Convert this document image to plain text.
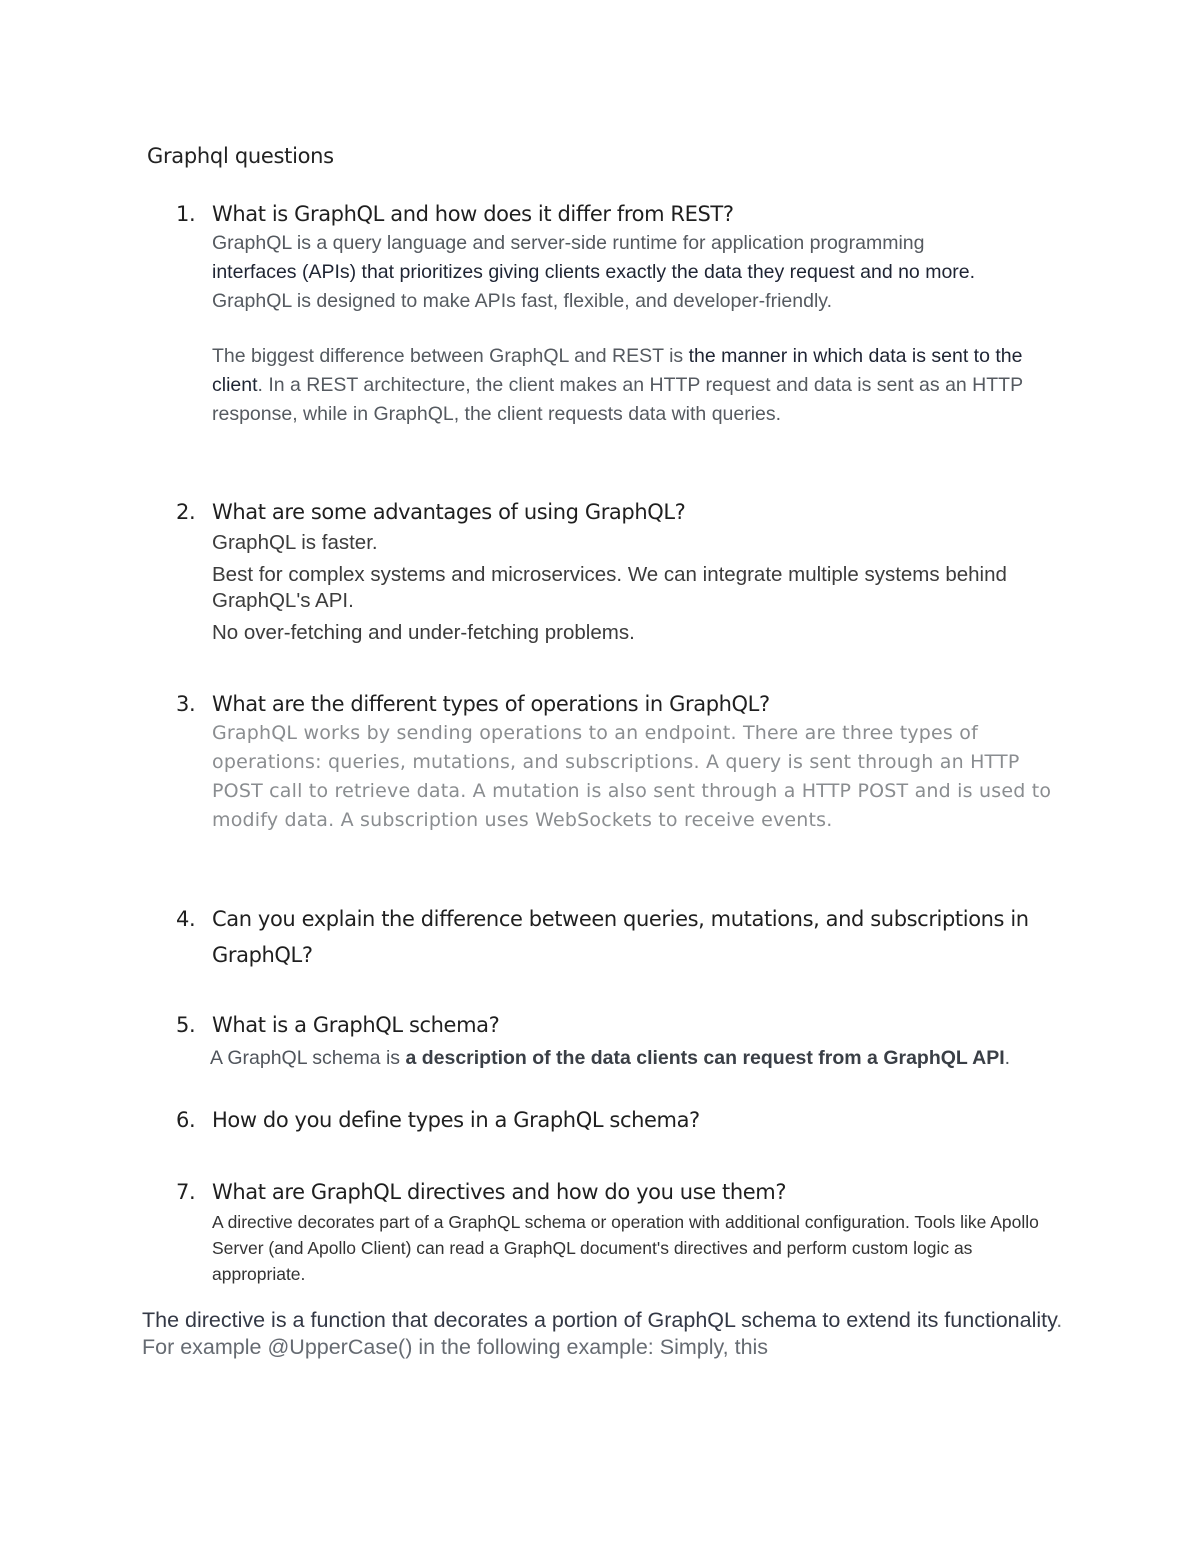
Graphql questions
1. What is GraphQL and how does it differ from REST?

GraphQL is a query language and server-side runtime for application programming

interfaces (APIs) that prioritizes giving clients exactly the data they request and no more.

GraphQL is designed to make APIs fast, flexible, and developer-friendly.

The biggest difference between GraphQL and REST is the manner in which data is sent to the client. In a REST architecture, the client makes an HTTP request and data is sent as an HTTP response, while in GraphQL, the client requests data with queries.

2. What are some advantages of using GraphQL?

GraphQL is faster.

Best for complex systems and microservices. We can integrate multiple systems behind GraphQL's API.

No over-fetching and under-fetching problems.

3. What are the different types of operations in GraphQL?
GraphQL works by sending operations to an endpoint. There are three types of operations: queries, mutations, and subscriptions. A query is sent through an HTTP POST call to retrieve data. A mutation is also sent through a HTTP POST and is used to modify data. A subscription uses WebSockets to receive events.
4. Can you explain the difference between queries, mutations, and subscriptions in GraphQL?
5. What is a GraphQL schema?
A GraphQL schema is a description of the data clients can request from a GraphQL API.
6. How do you define types in a GraphQL schema?
7. What are GraphQL directives and how do you use them?
A directive decorates part of a GraphQL schema or operation with additional configuration. Tools like Apollo Server (and Apollo Client) can read a GraphQL document's directives and perform custom logic as appropriate.
The directive is a function that decorates a portion of GraphQL schema to extend its functionality. For example @UpperCase() in the following example: Simply, this
